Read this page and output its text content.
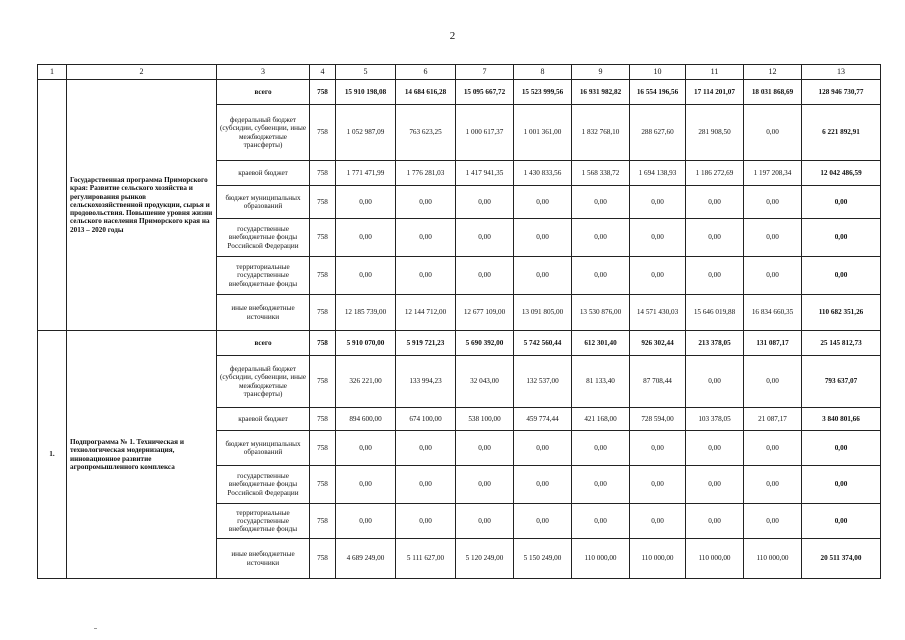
2
1	2	3	4	5	6	7	8	9	10	11	12	13
	Государственная программа Приморского края: Развитие сельского хозяйства и регулирования рынков сельскохозяйственной продукции, сырья и продовольствия. Повышение уровня жизни сельского населения Приморского края на 2013 – 2020 годы	всего	758	15 910 198,08	14 684 616,28	15 095 667,72	15 523 999,56	16 931 982,82	16 554 196,56	17 114 201,07	18 031 868,69	128 946 730,77
		федеральный бюджет (субсидии, субвенции, иные межбюджетные трансферты)	758	1 052 987,09	763 623,25	1 000 617,37	1 001 361,00	1 832 768,10	288 627,60	281 908,50	0,00	6 221 892,91
		краевой бюджет	758	1 771 471,99	1 776 281,03	1 417 941,35	1 430 833,56	1 568 338,72	1 694 138,93	1 186 272,69	1 197 208,34	12 042 486,59
		бюджет муниципальных образований	758	0,00	0,00	0,00	0,00	0,00	0,00	0,00	0,00	0,00
		государственные внебюджетные фонды Российской Федерации	758	0,00	0,00	0,00	0,00	0,00	0,00	0,00	0,00	0,00
		территориальные государственные внебюджетные фонды	758	0,00	0,00	0,00	0,00	0,00	0,00	0,00	0,00	0,00
		иные внебюджетные источники	758	12 185 739,00	12 144 712,00	12 677 109,00	13 091 805,00	13 530 876,00	14 571 430,03	15 646 019,88	16 834 660,35	110 682 351,26
1.	Подпрограмма № 1. Техническая и технологическая модернизация, инновационное развитие агропромышленного комплекса	всего	758	5 910 070,00	5 919 721,23	5 690 392,00	5 742 560,44	612 301,40	926 302,44	213 378,05	131 087,17	25 145 812,73
		федеральный бюджет (субсидии, субвенции, иные межбюджетные трансферты)	758	326 221,00	133 994,23	32 043,00	132 537,00	81 133,40	87 708,44	0,00	0,00	793 637,07
		краевой бюджет	758	894 600,00	674 100,00	538 100,00	459 774,44	421 168,00	728 594,00	103 378,05	21 087,17	3 840 801,66
		бюджет муниципальных образований	758	0,00	0,00	0,00	0,00	0,00	0,00	0,00	0,00	0,00
		государственные внебюджетные фонды Российской Федерации	758	0,00	0,00	0,00	0,00	0,00	0,00	0,00	0,00	0,00
		территориальные государственные внебюджетные фонды	758	0,00	0,00	0,00	0,00	0,00	0,00	0,00	0,00	0,00
		иные внебюджетные источники	758	4 689 249,00	5 111 627,00	5 120 249,00	5 150 249,00	110 000,00	110 000,00	110 000,00	110 000,00	20 511 374,00
